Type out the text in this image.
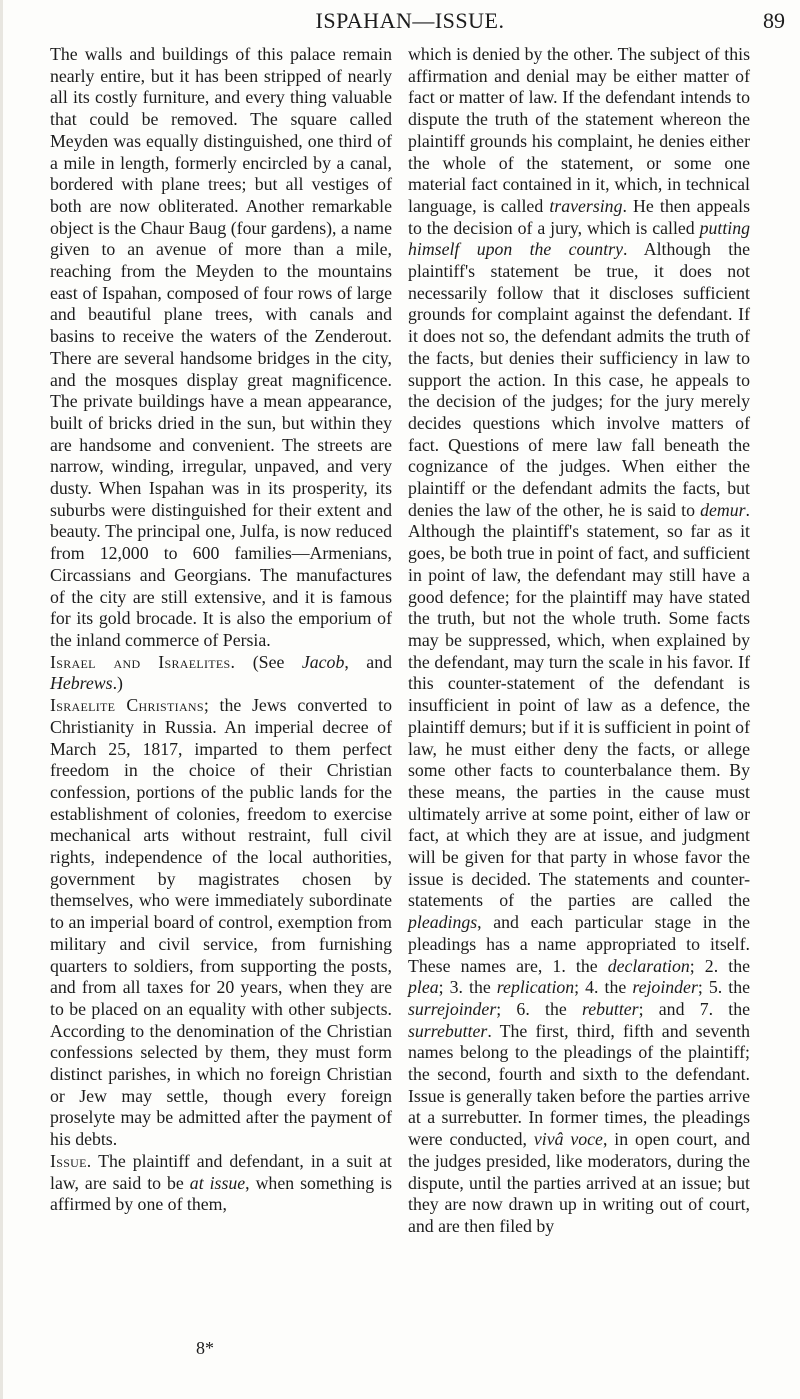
ISPAHAN—ISSUE.	89

The walls and buildings of this palace remain nearly entire, but it has been stripped of nearly all its costly furniture, and every thing valuable that could be removed. The square called Meyden was equally distinguished, one third of a mile in length, formerly encircled by a canal, bordered with plane trees; but all vestiges of both are now obliterated. Another remarkable object is the Chaur Baug (four gardens), a name given to an avenue of more than a mile, reaching from the Meyden to the mountains east of Ispahan, composed of four rows of large and beautiful plane trees, with canals and basins to receive the waters of the Zenderout. There are several handsome bridges in the city, and the mosques display great magnificence. The private buildings have a mean appearance, built of bricks dried in the sun, but within they are handsome and convenient. The streets are narrow, winding, irregular, unpaved, and very dusty. When Ispahan was in its prosperity, its suburbs were distinguished for their extent and beauty. The principal one, Julfa, is now reduced from 12,000 to 600 families—Armenians, Circassians and Georgians. The manufactures of the city are still extensive, and it is famous for its gold brocade. It is also the emporium of the inland commerce of Persia.

Israel and Israelites. (See Jacob, and Hebrews.)

Israelite Christians; the Jews converted to Christianity in Russia. An imperial decree of March 25, 1817, imparted to them perfect freedom in the choice of their Christian confession, portions of the public lands for the establishment of colonies, freedom to exercise mechanical arts without restraint, full civil rights, independence of the local authorities, government by magistrates chosen by themselves, who were immediately subordinate to an imperial board of control, exemption from military and civil service, from furnishing quarters to soldiers, from supporting the posts, and from all taxes for 20 years, when they are to be placed on an equality with other subjects. According to the denomination of the Christian confessions selected by them, they must form distinct parishes, in which no foreign Christian or Jew may settle, though every foreign proselyte may be admitted after the payment of his debts.

Issue. The plaintiff and defendant, in a suit at law, are said to be at issue, when something is affirmed by one of them,

which is denied by the other. The subject of this affirmation and denial may be either matter of fact or matter of law. If the defendant intends to dispute the truth of the statement whereon the plaintiff grounds his complaint, he denies either the whole of the statement, or some one material fact contained in it, which, in technical language, is called traversing. He then appeals to the decision of a jury, which is called putting himself upon the country. Although the plaintiff's statement be true, it does not necessarily follow that it discloses sufficient grounds for complaint against the defendant. If it does not so, the defendant admits the truth of the facts, but denies their sufficiency in law to support the action. In this case, he appeals to the decision of the judges; for the jury merely decides questions which involve matters of fact. Questions of mere law fall beneath the cognizance of the judges. When either the plaintiff or the defendant admits the facts, but denies the law of the other, he is said to demur. Although the plaintiff's statement, so far as it goes, be both true in point of fact, and sufficient in point of law, the defendant may still have a good defence; for the plaintiff may have stated the truth, but not the whole truth. Some facts may be suppressed, which, when explained by the defendant, may turn the scale in his favor. If this counter-statement of the defendant is insufficient in point of law as a defence, the plaintiff demurs; but if it is sufficient in point of law, he must either deny the facts, or allege some other facts to counterbalance them. By these means, the parties in the cause must ultimately arrive at some point, either of law or fact, at which they are at issue, and judgment will be given for that party in whose favor the issue is decided. The statements and counter-statements of the parties are called the pleadings, and each particular stage in the pleadings has a name appropriated to itself. These names are, 1. the declaration; 2. the plea; 3. the replication; 4. the rejoinder; 5. the surrejoinder; 6. the rebutter; and 7. the surrebutter. The first, third, fifth and seventh names belong to the pleadings of the plaintiff; the second, fourth and sixth to the defendant. Issue is generally taken before the parties arrive at a surrebutter. In former times, the pleadings were conducted, vivâ voce, in open court, and the judges presided, like moderators, during the dispute, until the parties arrived at an issue; but they are now drawn up in writing out of court, and are then filed by

8*
